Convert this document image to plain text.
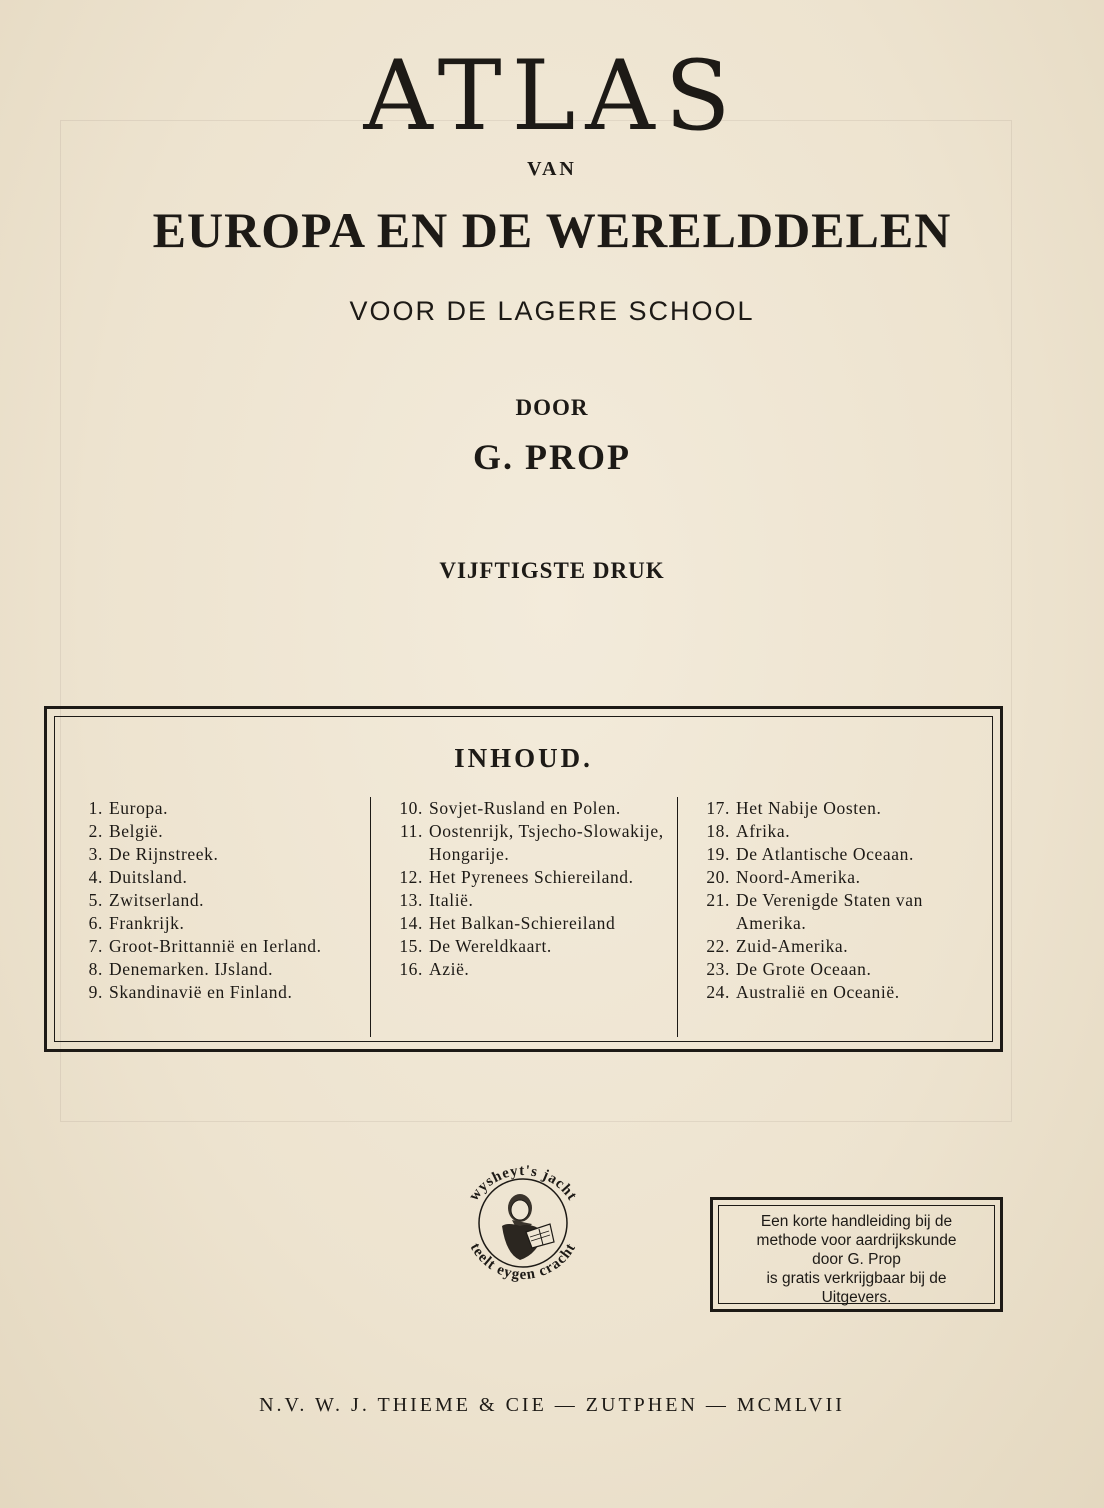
ATLAS
VAN
EUROPA EN DE WERELDDELEN
VOOR DE LAGERE SCHOOL
DOOR
G. PROP
VIJFTIGSTE DRUK
INHOUD.
1. Europa.
2. België.
3. De Rijnstreek.
4. Duitsland.
5. Zwitserland.
6. Frankrijk.
7. Groot-Brittannië en Ierland.
8. Denemarken. IJsland.
9. Skandinavië en Finland.
10. Sovjet-Rusland en Polen.
11. Oostenrijk, Tsjecho-Slowakije, Hongarije.
12. Het Pyrenees Schiereiland.
13. Italië.
14. Het Balkan-Schiereiland
15. De Wereldkaart.
16. Azië.
17. Het Nabije Oosten.
18. Afrika.
19. De Atlantische Oceaan.
20. Noord-Amerika.
21. De Verenigde Staten van Amerika.
22. Zuid-Amerika.
23. De Grote Oceaan.
24. Australië en Oceanië.
wysheyt's jacht
teelt eygen cracht
Een korte handleiding bij de
methode voor aardrijkskunde
door G. Prop
is gratis verkrijgbaar bij de
Uitgevers.
N.V. W. J. THIEME & CIE — ZUTPHEN — MCMLVII
